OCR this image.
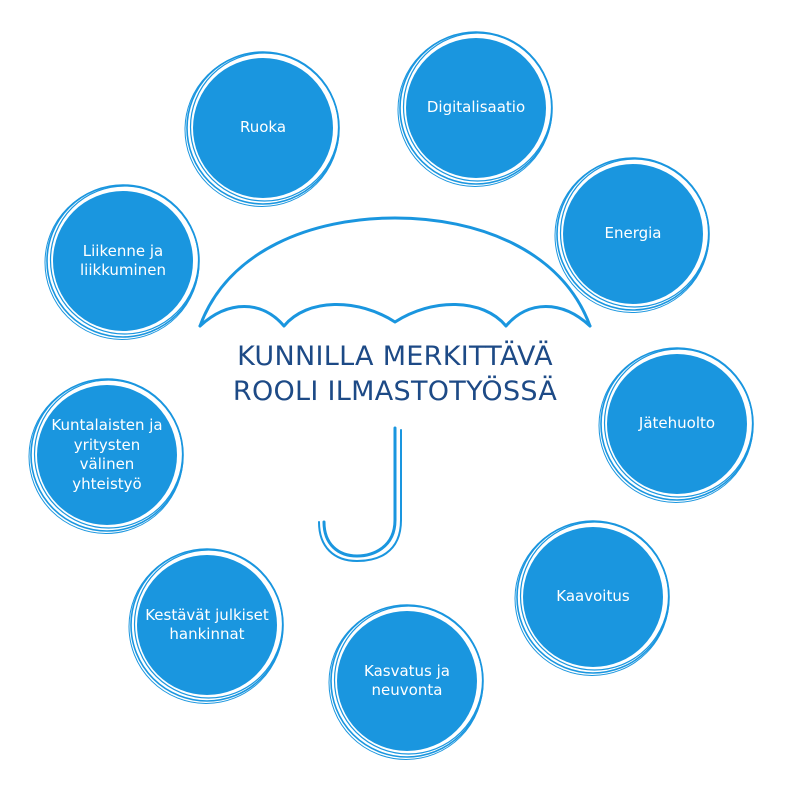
KUNNILLA MERKITTÄVÄ
ROOLI ILMASTOTYÖSSÄ
Ruoka
Digitalisaatio
Energia
Jätehuolto
Kaavoitus
Kasvatus ja
neuvonta
Kestävät julkiset
hankinnat
Kuntalaisten ja
yritysten välinen
yhteistyö
Liikenne ja
liikkuminen
